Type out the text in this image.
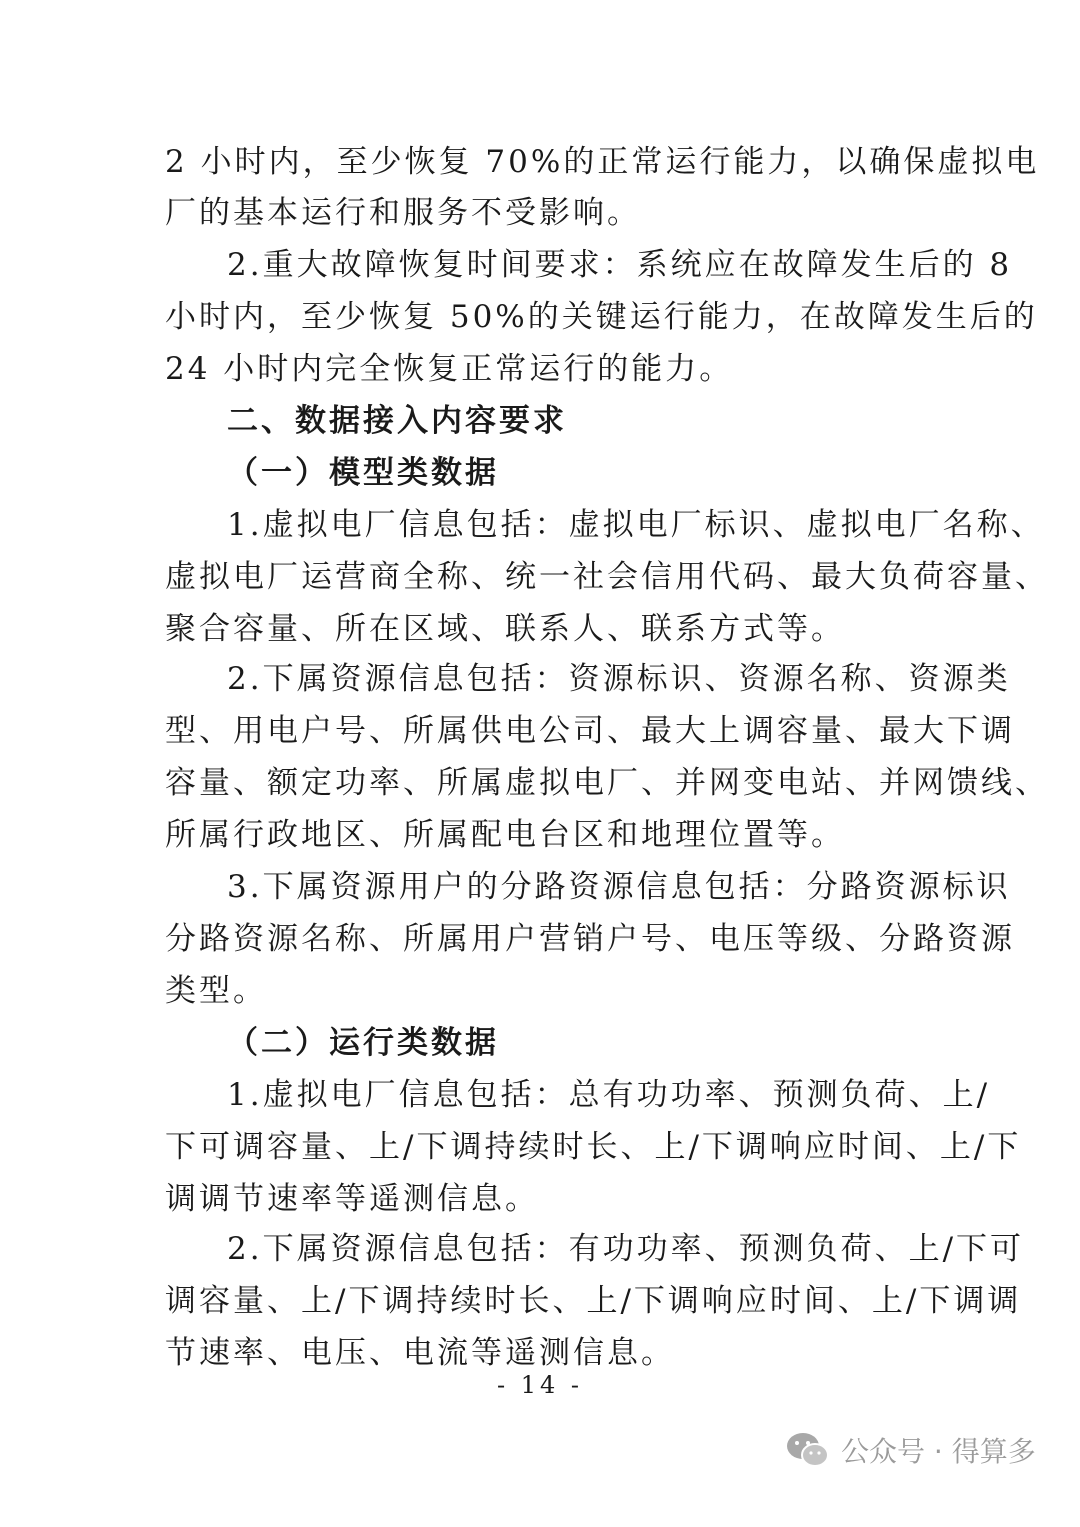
2 小时内，至少恢复 70%的正常运行能力，以确保虚拟电
厂的基本运行和服务不受影响。
2.重大故障恢复时间要求：系统应在故障发生后的 8
小时内，至少恢复 50%的关键运行能力，在故障发生后的
24 小时内完全恢复正常运行的能力。
二、数据接入内容要求
（一）模型类数据
1.虚拟电厂信息包括：虚拟电厂标识、虚拟电厂名称、
虚拟电厂运营商全称、统一社会信用代码、最大负荷容量、
聚合容量、所在区域、联系人、联系方式等。
2.下属资源信息包括：资源标识、资源名称、资源类
型、用电户号、所属供电公司、最大上调容量、最大下调
容量、额定功率、所属虚拟电厂、并网变电站、并网馈线、
所属行政地区、所属配电台区和地理位置等。
3.下属资源用户的分路资源信息包括：分路资源标识
分路资源名称、所属用户营销户号、电压等级、分路资源
类型。
（二）运行类数据
1.虚拟电厂信息包括：总有功功率、预测负荷、上/
下可调容量、上/下调持续时长、上/下调响应时间、上/下
调调节速率等遥测信息。
2.下属资源信息包括：有功功率、预测负荷、上/下可
调容量、上/下调持续时长、上/下调响应时间、上/下调调
节速率、电压、电流等遥测信息。
- 14 -
公众号 · 得算多
